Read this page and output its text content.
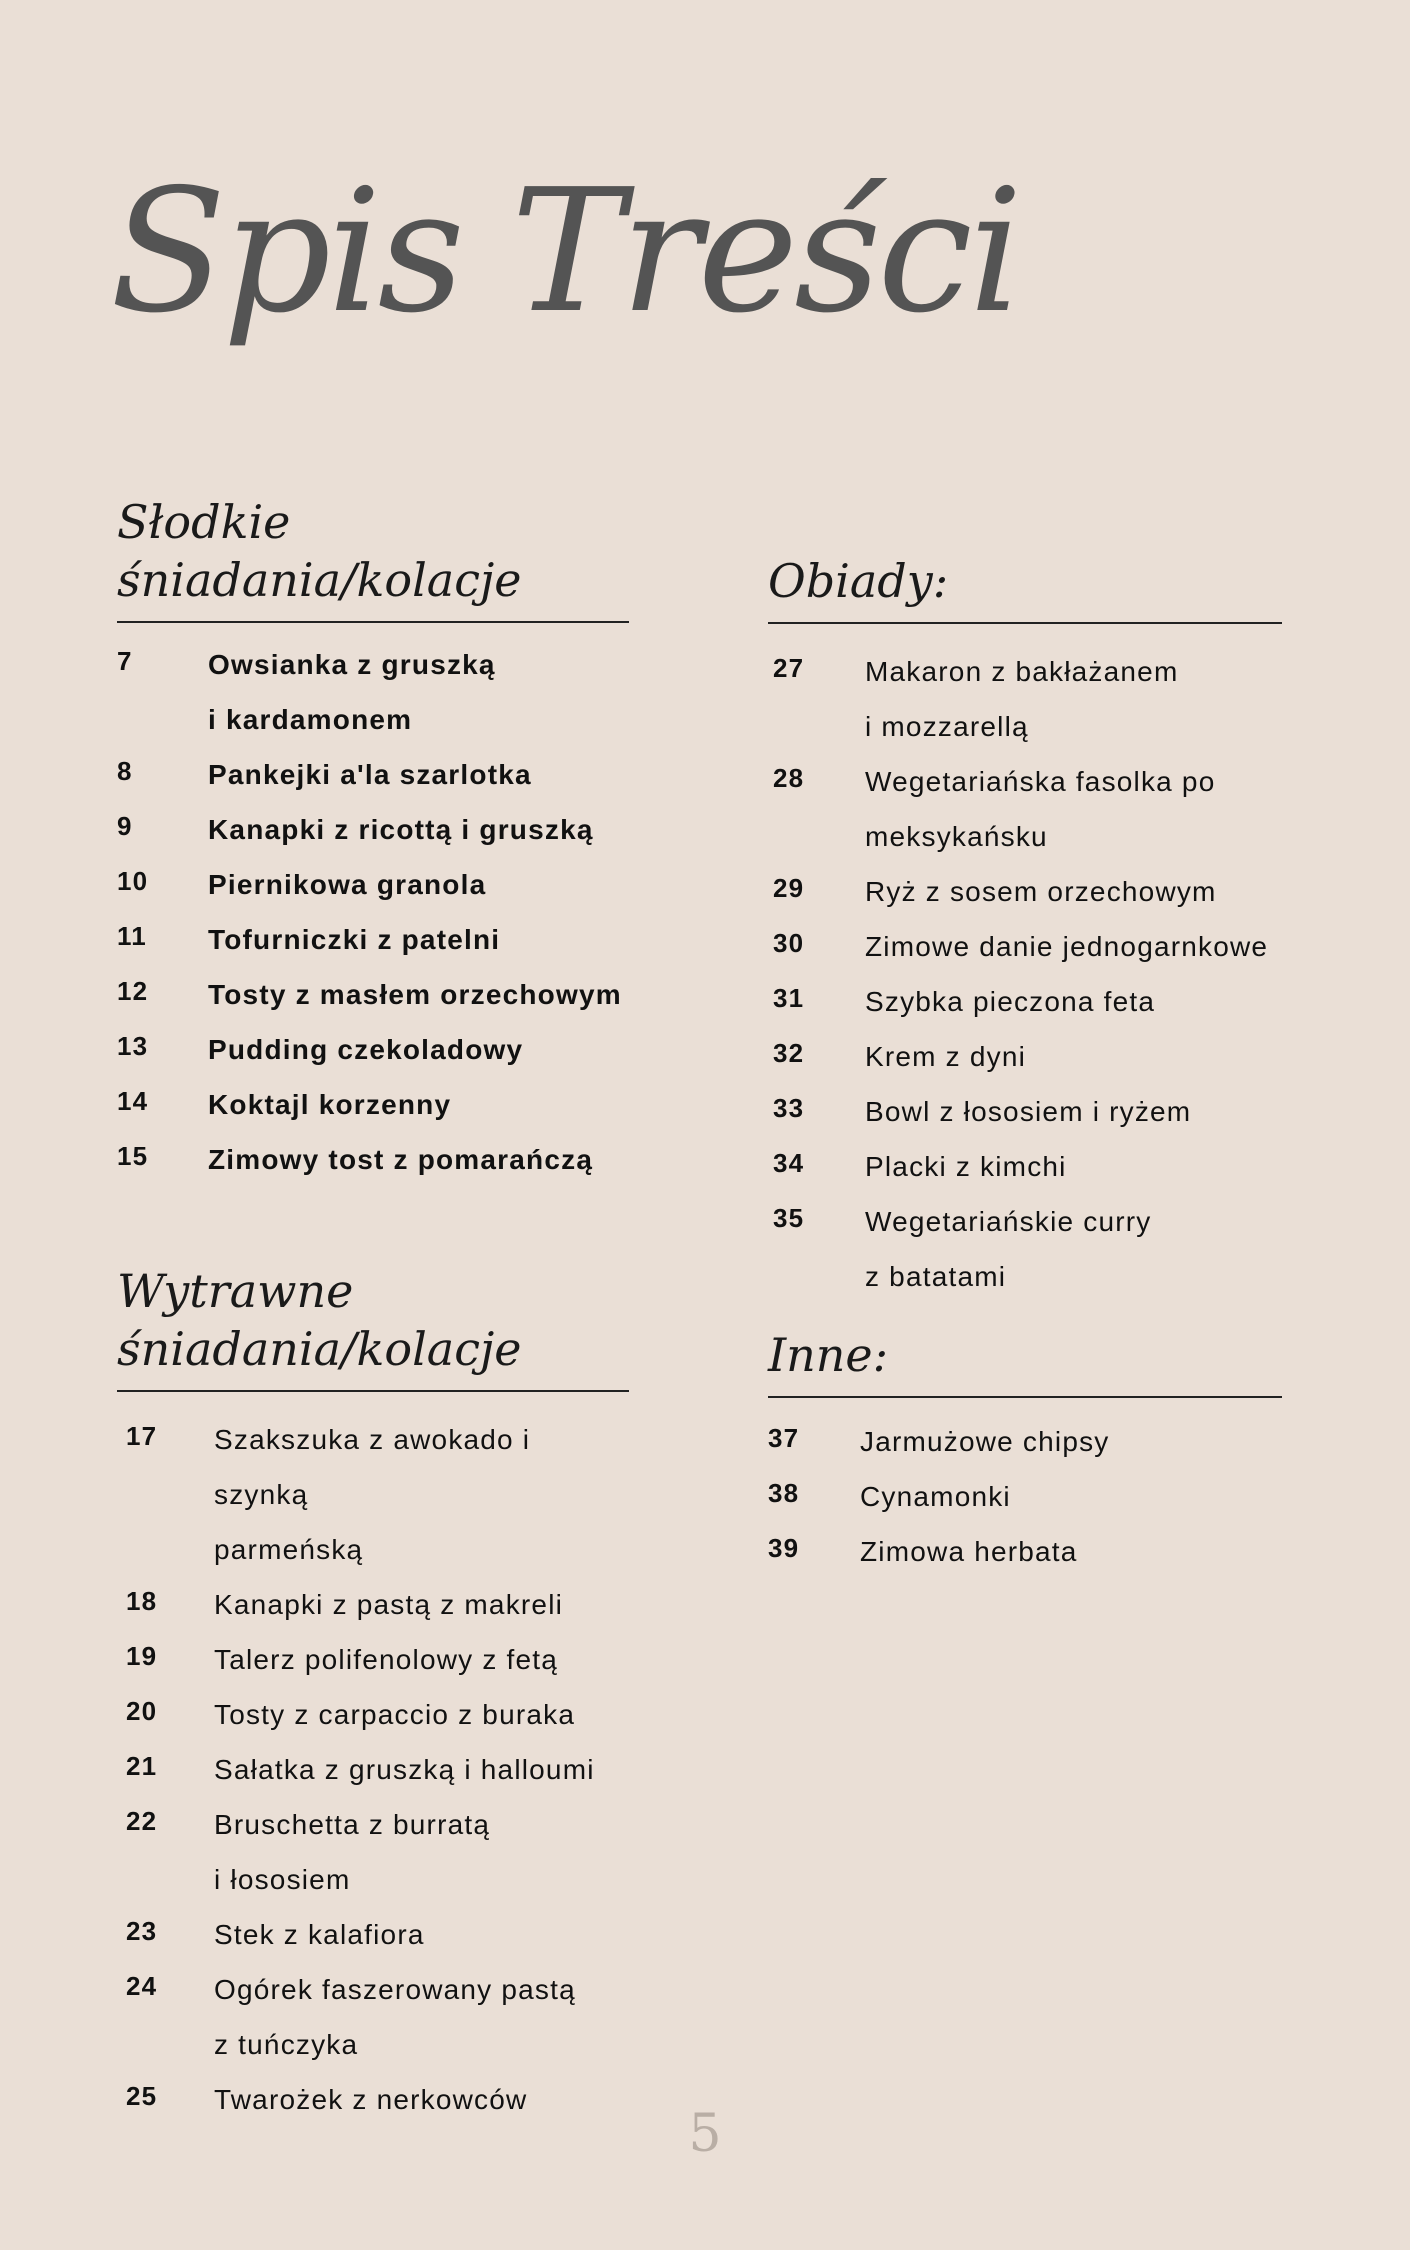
Spis Treści
Słodkie
śniadania/kolacje
7	Owsianka z gruszką
i kardamonem
8	Pankejki a'la szarlotka
9	Kanapki z ricottą i gruszką
10	Piernikowa granola
11	Tofurniczki z patelni
12	Tosty z masłem orzechowym
13	Pudding czekoladowy
14	Koktajl korzenny
15	Zimowy tost z pomarańczą
Wytrawne
śniadania/kolacje
17	Szakszuka z awokado i szynką
parmeńską
18	Kanapki z pastą z makreli
19	Talerz polifenolowy z fetą
20	Tosty z carpaccio z buraka
21	Sałatka z gruszką i halloumi
22	Bruschetta z burratą
i łososiem
23	Stek z kalafiora
24	Ogórek faszerowany pastą
z tuńczyka
25	Twarożek z nerkowców
Obiady:
27	Makaron z bakłażanem
i mozzarellą
28	Wegetariańska fasolka po
meksykańsku
29	Ryż z sosem orzechowym
30	Zimowe danie jednogarnkowe
31	Szybka pieczona feta
32	Krem z dyni
33	Bowl z łososiem i ryżem
34	Placki z kimchi
35	Wegetariańskie curry
z batatami
Inne:
37	Jarmużowe chipsy
38	Cynamonki
39	Zimowa herbata
5
